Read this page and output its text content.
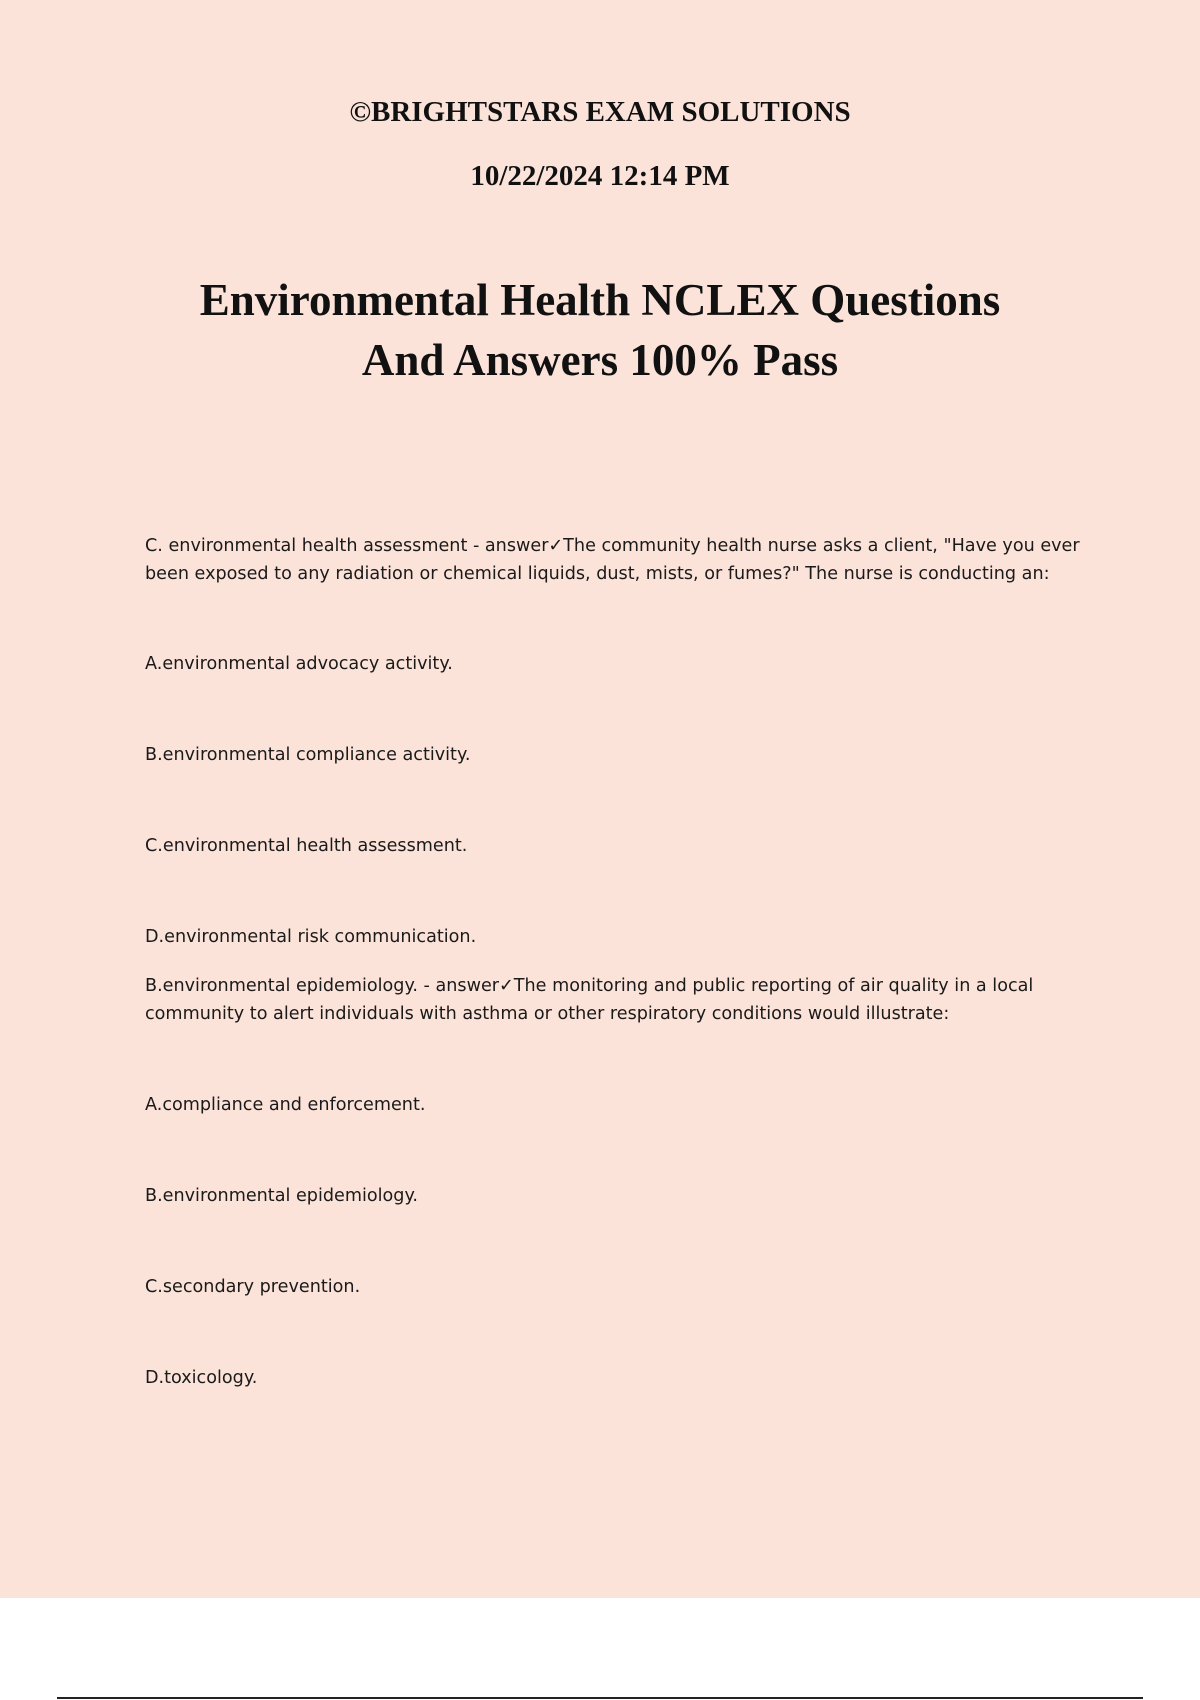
©BRIGHTSTARS EXAM SOLUTIONS
10/22/2024 12:14 PM
Environmental Health NCLEX Questions
And Answers 100% Pass

C. environmental health assessment - answer✓The community health nurse asks a client, "Have you ever been exposed to any radiation or chemical liquids, dust, mists, or fumes?" The nurse is conducting an:

A.environmental advocacy activity.

B.environmental compliance activity.

C.environmental health assessment.

D.environmental risk communication.

B.environmental epidemiology. - answer✓The monitoring and public reporting of air quality in a local community to alert individuals with asthma or other respiratory conditions would illustrate:

A.compliance and enforcement.

B.environmental epidemiology.

C.secondary prevention.

D.toxicology.
